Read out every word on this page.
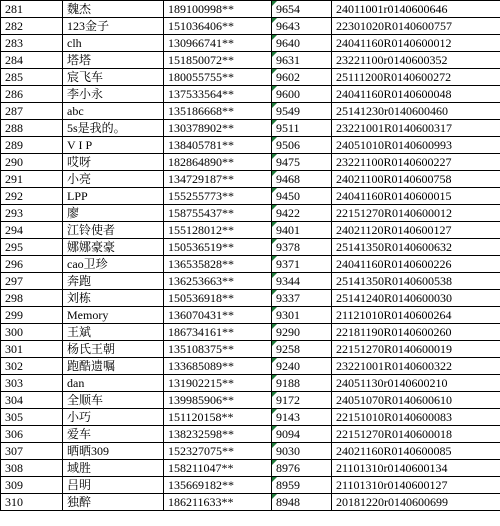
281	魏杰	189100998**	9654	24011001r0140600646
282	123金子	151036406**	9643	22301020R0140600757
283	clh	130966741**	9640	24041160R0140600012
284	塔塔	151850072**	9631	23221100r0140600352
285	宸飞车	180055755**	9602	25111200R0140600272
286	李小永	137533564**	9600	24041160R0140600048
287	abc	135186668**	9549	25141230r0140600460
288	5s是我的。	130378902**	9511	23221001R0140600317
289	V I P	138405781**	9506	24051010R0140600993
290	哎呀	182864890**	9475	23221100R0140600227
291	小亮	134729187**	9468	24021100R0140600758
292	LPP	155255773**	9450	24041160R0140600015
293	廖	158755437**	9422	22151270R0140600012
294	江铃使者	155128012**	9401	24021120R0140600127
295	娜娜豪豪	150536519**	9378	25141350R0140600632
296	cao卫珍	136535828**	9371	24041160R0140600226
297	奔跑	136253663**	9344	25141350R0140600538
298	刘栋	150536918**	9337	25141240R0140600030
299	Memory	136070431**	9301	21121010R0140600264
300	王斌	186734161**	9290	22181190R0140600260
301	杨氏王朝	135108375**	9258	22151270R0140600019
302	跑酷遗嘱	133685089**	9240	23221001R0140600322
303	dan	131902215**	9188	24051130r0140600210
304	全顺车	139985906**	9172	24051070R0140600610
305	小巧	151120158**	9143	22151010R0140600083
306	爱车	138232598**	9094	22151270R0140600018
307	晒晒309	152327075**	9030	24021160R0140600085
308	域胜	158211047**	8976	21101310r0140600134
309	吕明	135669182**	8959	21101310r0140600127
310	独醉	186211633**	8948	20181220r0140600699
